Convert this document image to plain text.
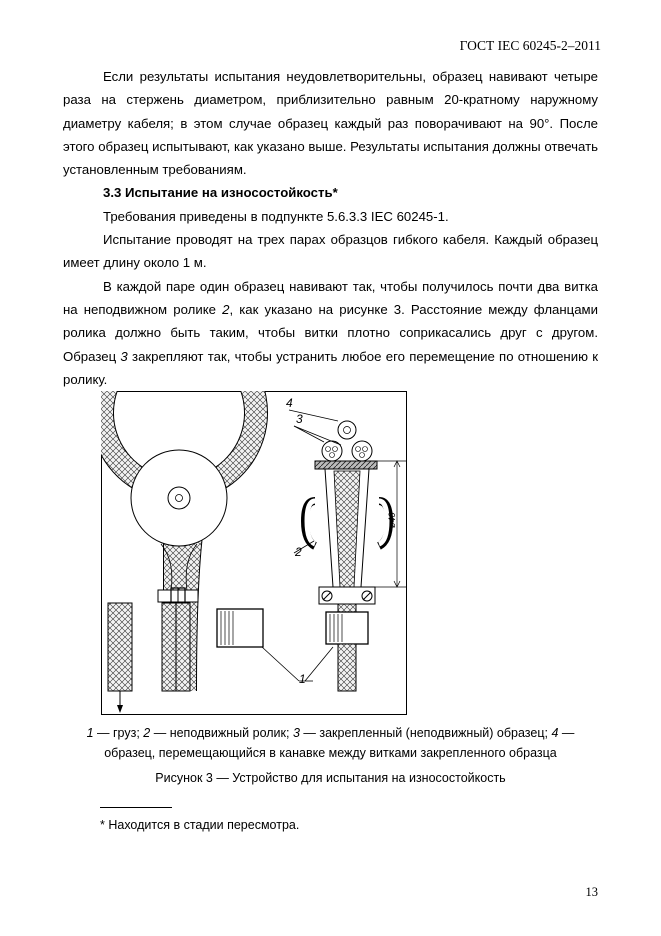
ГОСТ IEC 60245-2–2011

Если результаты испытания неудовлетворительны, образец навивают четыре раза на стержень диаметром, приблизительно равным 20-кратному наружному диаметру кабеля; в этом случае образец каждый раз поворачивают на 90°. После этого образец испытывают, как указано выше. Результаты испытания должны отвечать установленным требованиям.

3.3 Испытание на износостойкость*

Требования приведены в подпункте 5.6.3.3 IEC 60245-1.

Испытание проводят на трех парах образцов гибкого кабеля. Каждый образец имеет длину около 1 м.

В каждой паре один образец навивают так, чтобы получилось почти два витка на неподвижном ролике 2, как указано на рисунке 3. Расстояние между фланцами ролика должно быть таким, чтобы витки плотно соприкасались друг с другом. Образец 3 закрепляют так, чтобы устранить любое его перемещение по отношению к ролику.

1
2
3
4
ø40
1 — груз; 2 — неподвижный ролик; 3 — закрепленный (неподвижный) образец; 4 — образец, перемещающийся в канавке между витками закрепленного образца
Рисунок 3 — Устройство для испытания на износостойкость
* Находится в стадии пересмотра.
13
